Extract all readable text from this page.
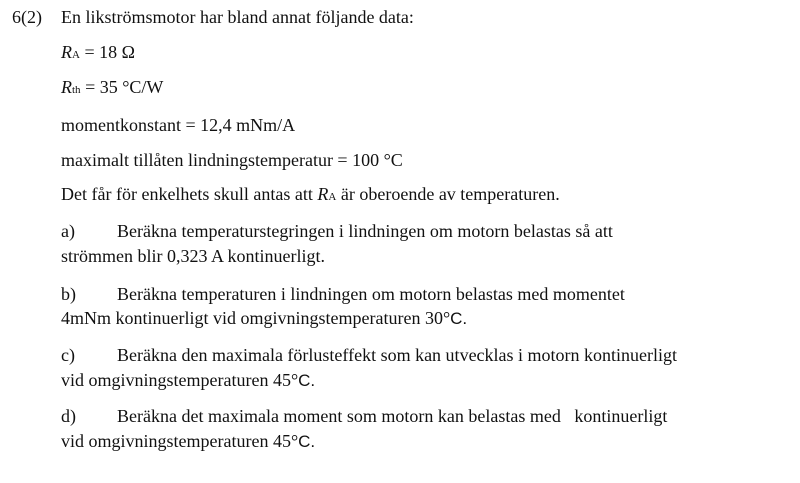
6(2) En likströmsmotor har bland annat följande data:
RA = 18 Ω
Rth = 35 °C/W
momentkonstant = 12,4 mNm/A
maximalt tillåten lindningstemperatur = 100 °C
Det får för enkelhets skull antas att RA är oberoende av temperaturen.
a) Beräkna temperaturstegringen i lindningen om motorn belastas så att
strömmen blir 0,323 A kontinuerligt.
b) Beräkna temperaturen i lindningen om motorn belastas med momentet
4mNm kontinuerligt vid omgivningstemperaturen 30°C.
c) Beräkna den maximala förlusteffekt som kan utvecklas i motorn kontinuerligt
vid omgivningstemperaturen 45°C.
d) Beräkna det maximala moment som motorn kan belastas med   kontinuerligt
vid omgivningstemperaturen 45°C.
